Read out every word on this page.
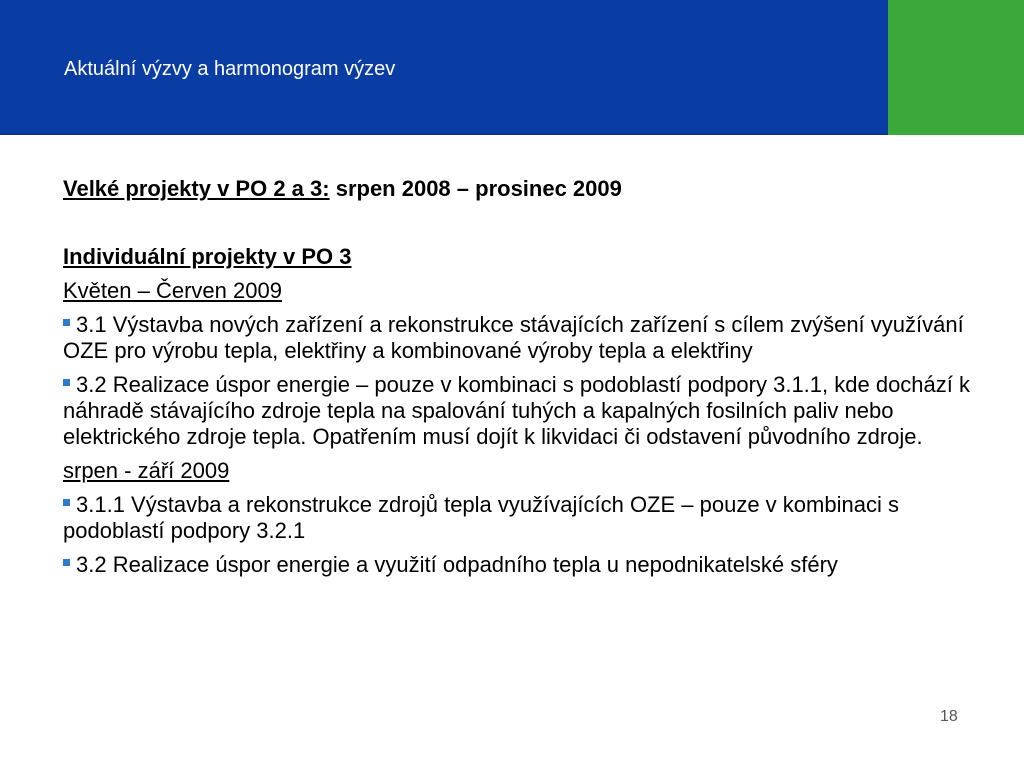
Aktuální výzvy a harmonogram výzev

Velké projekty v PO 2 a 3: srpen 2008 – prosinec 2009

Individuální projekty v PO 3

Květen – Červen 2009

3.1 Výstavba nových zařízení a rekonstrukce stávajících zařízení s cílem zvýšení využívání OZE pro výrobu tepla, elektřiny a kombinované výroby tepla a elektřiny

3.2 Realizace úspor energie – pouze v kombinaci s podoblastí podpory 3.1.1, kde dochází k náhradě stávajícího zdroje tepla na spalování tuhých a kapalných fosilních paliv nebo elektrického zdroje tepla. Opatřením musí dojít k likvidaci či odstavení původního zdroje.

srpen - září 2009

3.1.1 Výstavba a rekonstrukce zdrojů tepla využívajících OZE – pouze v kombinaci s podoblastí podpory 3.2.1

3.2 Realizace úspor energie a využití odpadního tepla u nepodnikatelské sféry

18
